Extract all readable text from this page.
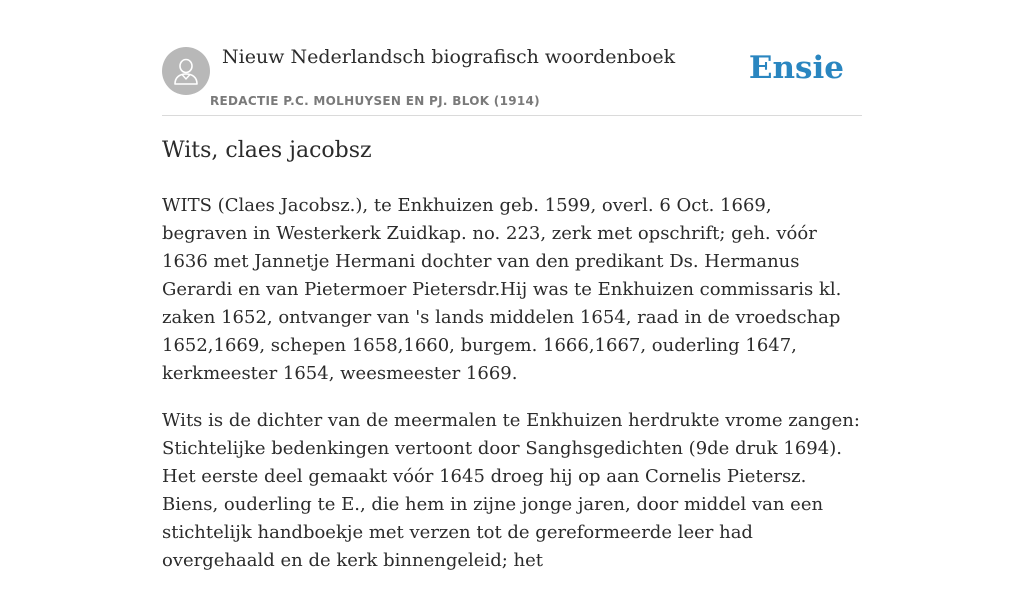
Nieuw Nederlandsch biografisch woordenboek
REDACTIE P.C. MOLHUYSEN EN PJ. BLOK (1914)
Ensie
Wits, claes jacobsz

WITS (Claes Jacobsz.), te Enkhuizen geb. 1599, overl. 6 Oct. 1669, begraven in Westerkerk Zuidkap. no. 223, zerk met opschrift; geh. vóór 1636 met Jannetje Hermani dochter van den predikant Ds. Hermanus Gerardi en van Pietermoer Pietersdr.Hij was te Enkhuizen commissaris kl. zaken 1652, ontvanger van 's lands middelen 1654, raad in de vroedschap 1652,1669, schepen 1658,1660, burgem. 1666,1667, ouderling 1647, kerkmeester 1654, weesmeester 1669.

Wits is de dichter van de meermalen te Enkhuizen herdrukte vrome zangen: Stichtelijke bedenkingen vertoont door Sanghsgedichten (9de druk 1694). Het eerste deel gemaakt vóór 1645 droeg hij op aan Cornelis Pietersz. Biens, ouderling te E., die hem in zijne jonge jaren, door middel van een stichtelijk handboekje met verzen tot de gereformeerde leer had overgehaald en de kerk binnengeleid; het
